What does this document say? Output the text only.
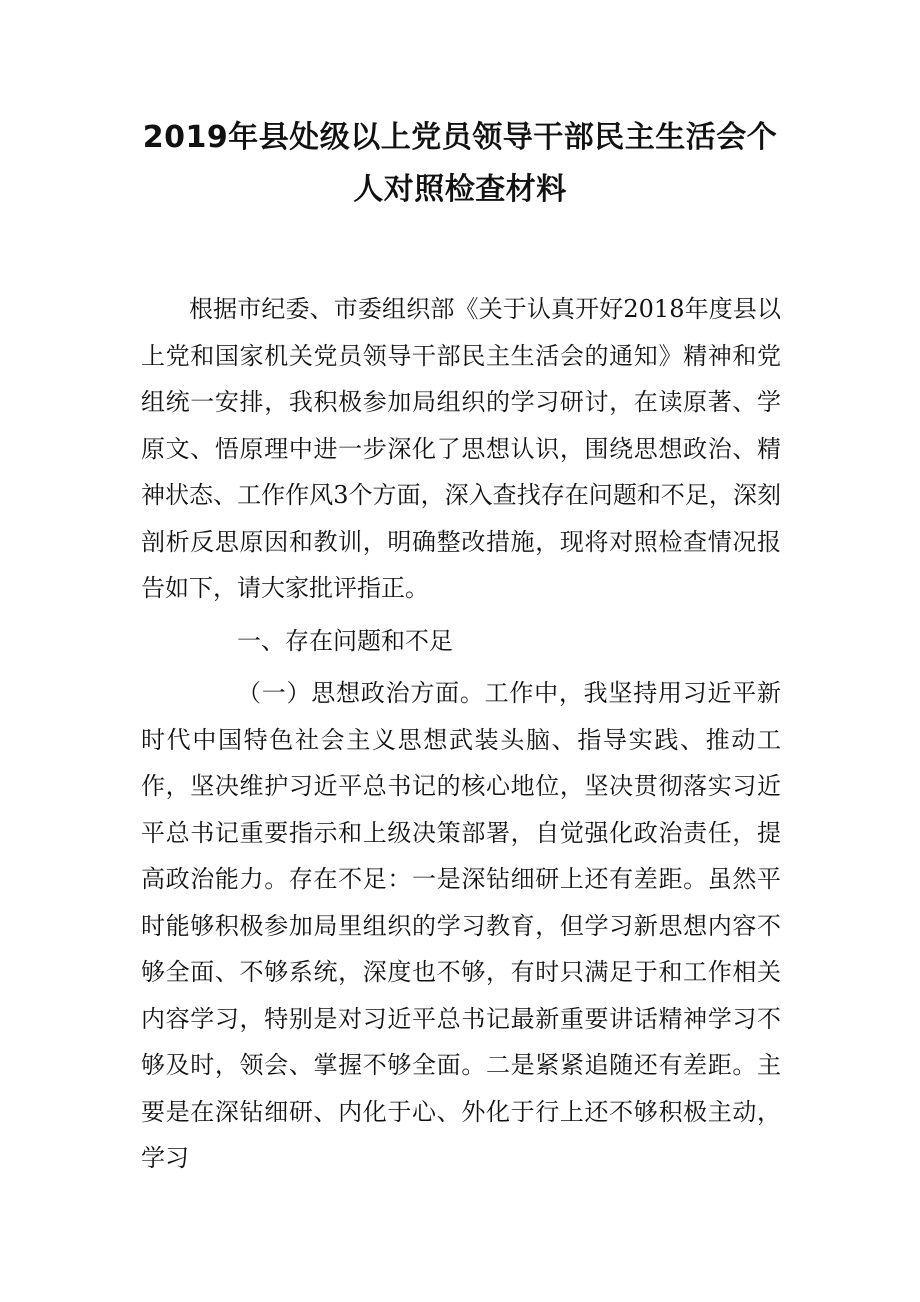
2019年县处级以上党员领导干部民主生活会个人对照检查材料

根据市纪委、市委组织部《关于认真开好2018年度县以上党和国家机关党员领导干部民主生活会的通知》精神和党组统一安排，我积极参加局组织的学习研讨，在读原著、学原文、悟原理中进一步深化了思想认识，围绕思想政治、精神状态、工作作风3个方面，深入查找存在问题和不足，深刻剖析反思原因和教训，明确整改措施，现将对照检查情况报告如下，请大家批评指正。

一、存在问题和不足

（一）思想政治方面。工作中，我坚持用习近平新时代中国特色社会主义思想武装头脑、指导实践、推动工作，坚决维护习近平总书记的核心地位，坚决贯彻落实习近平总书记重要指示和上级决策部署，自觉强化政治责任，提高政治能力。存在不足：一是深钻细研上还有差距。虽然平时能够积极参加局里组织的学习教育，但学习新思想内容不够全面、不够系统，深度也不够，有时只满足于和工作相关内容学习，特别是对习近平总书记最新重要讲话精神学习不够及时，领会、掌握不够全面。二是紧紧追随还有差距。主要是在深钻细研、内化于心、外化于行上还不够积极主动，学习
